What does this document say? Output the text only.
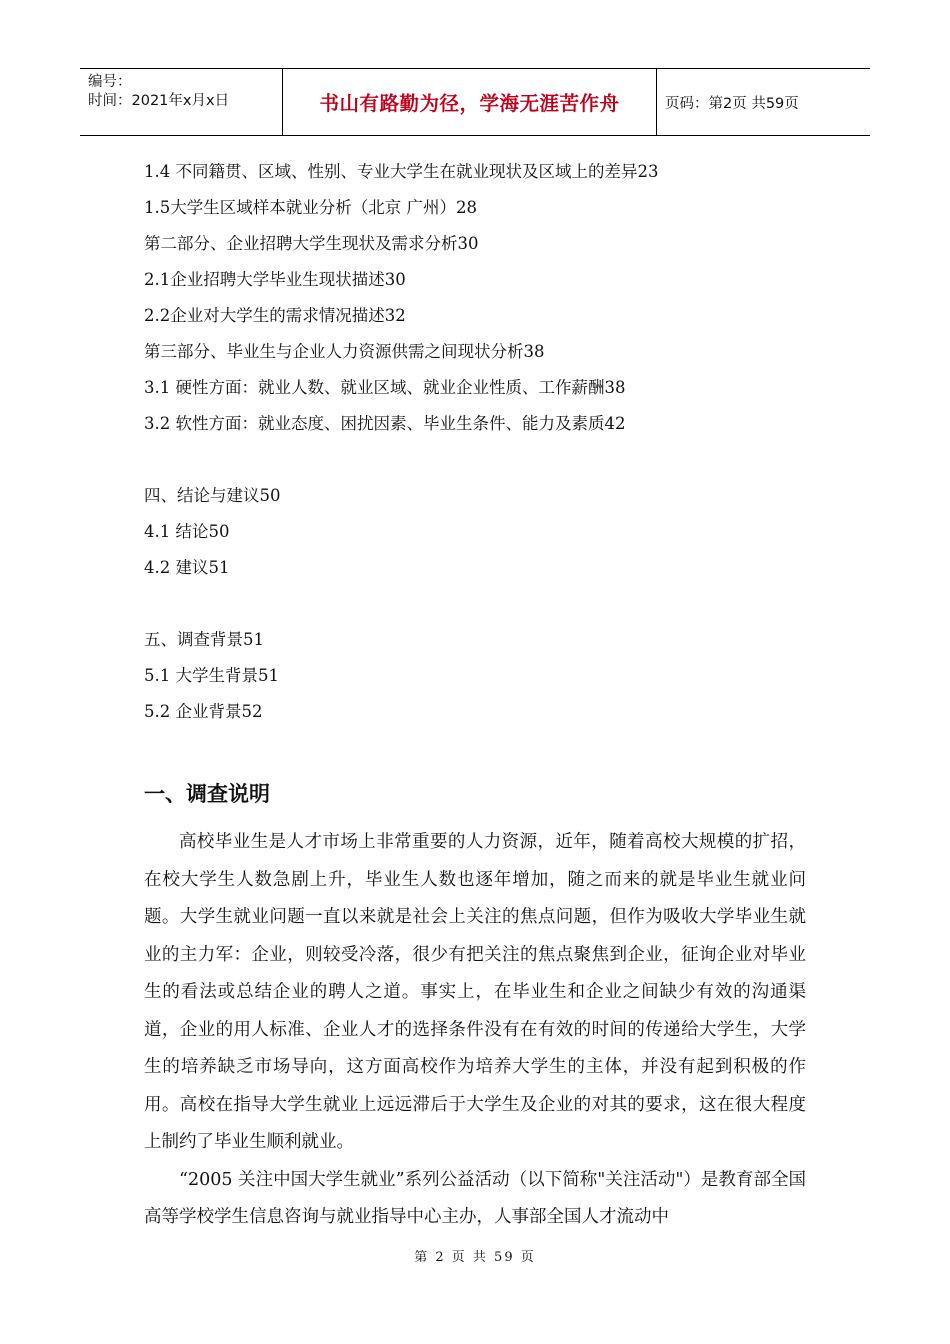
编号：
时间：2021年x月x日	书山有路勤为径，学海无涯苦作舟	页码：第2页 共59页
1.4 不同籍贯、区域、性别、专业大学生在就业现状及区域上的差异23
1.5大学生区域样本就业分析（北京 广州）28
第二部分、企业招聘大学生现状及需求分析30
2.1企业招聘大学毕业生现状描述30
2.2企业对大学生的需求情况描述32
第三部分、毕业生与企业人力资源供需之间现状分析38
3.1 硬性方面：就业人数、就业区域、就业企业性质、工作薪酬38
3.2 软性方面：就业态度、困扰因素、毕业生条件、能力及素质42
四、结论与建议50
4.1 结论50
4.2 建议51
五、调查背景51
5.1 大学生背景51
5.2 企业背景52
一、调查说明

高校毕业生是人才市场上非常重要的人力资源，近年，随着高校大规模的扩招，在校大学生人数急剧上升，毕业生人数也逐年增加，随之而来的就是毕业生就业问题。大学生就业问题一直以来就是社会上关注的焦点问题，但作为吸收大学毕业生就业的主力军：企业，则较受冷落，很少有把关注的焦点聚焦到企业，征询企业对毕业生的看法或总结企业的聘人之道。事实上，在毕业生和企业之间缺少有效的沟通渠道，企业的用人标准、企业人才的选择条件没有在有效的时间的传递给大学生，大学生的培养缺乏市场导向，这方面高校作为培养大学生的主体，并没有起到积极的作用。高校在指导大学生就业上远远滞后于大学生及企业的对其的要求，这在很大程度上制约了毕业生顺利就业。

“2005 关注中国大学生就业”系列公益活动（以下简称"关注活动"）是教育部全国高等学校学生信息咨询与就业指导中心主办，人事部全国人才流动中

第 2 页 共 59 页
